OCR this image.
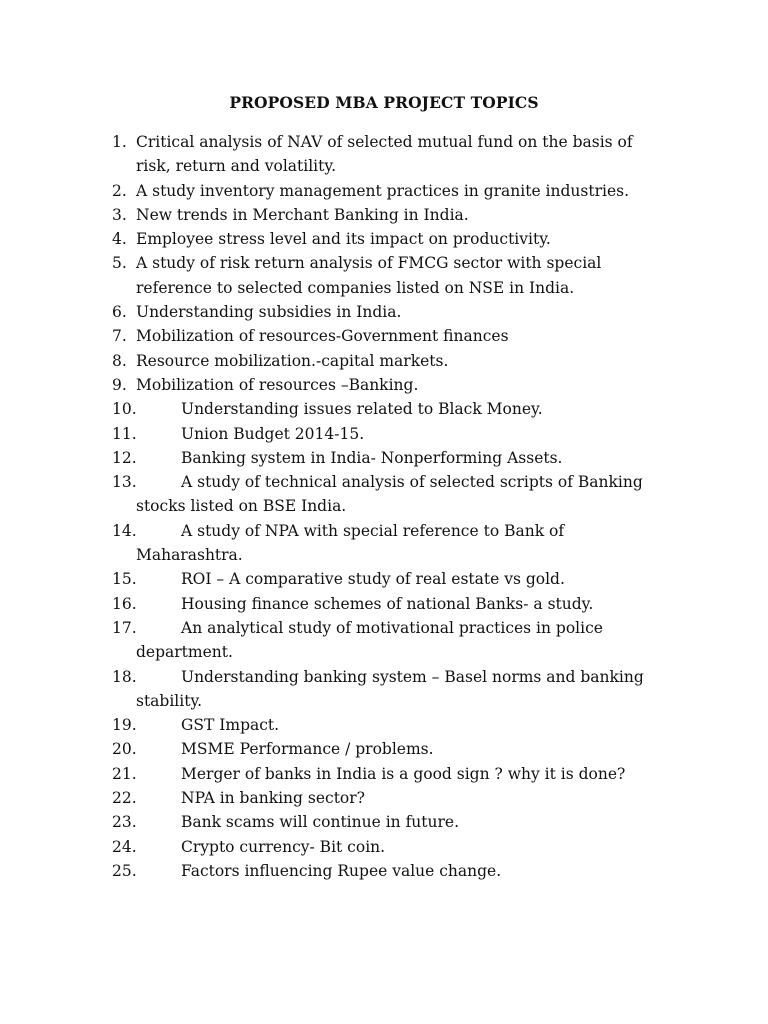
PROPOSED MBA PROJECT TOPICS
1. Critical analysis of NAV of selected mutual fund on the basis of risk, return and volatility.
2. A study inventory management practices in granite industries.
3. New trends in Merchant Banking in India.
4. Employee stress level and its impact on productivity.
5. A study of risk return analysis of FMCG sector with special reference to selected companies listed on NSE in India.
6. Understanding subsidies in India.
7. Mobilization of resources-Government finances
8. Resource mobilization.-capital markets.
9. Mobilization of resources –Banking.
10.	Understanding issues related to Black Money.
11.	Union Budget 2014-15.
12.	Banking system in India- Nonperforming Assets.
13.	A study of technical analysis of selected scripts of Banking stocks listed on BSE India.
14.	A study of NPA with special reference to Bank of Maharashtra.
15.	ROI – A comparative study of real estate vs gold.
16.	Housing finance schemes of national Banks- a study.
17.	An analytical study of motivational practices in police department.
18.	Understanding banking system – Basel norms and banking stability.
19.	GST Impact.
20.	MSME Performance / problems.
21.	Merger of banks in India is a good sign ? why it is done?
22.	NPA in banking sector?
23.	Bank scams will continue in future.
24.	Crypto currency- Bit coin.
25.	Factors influencing Rupee value change.
